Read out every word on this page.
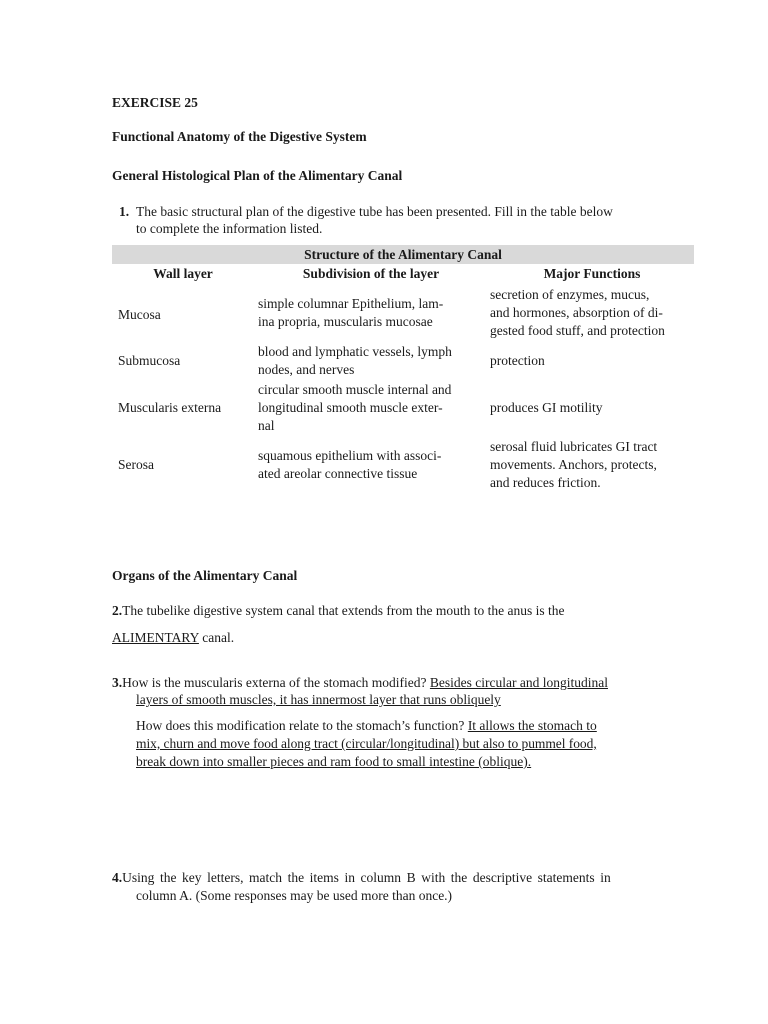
EXERCISE 25
Functional Anatomy of the Digestive System
General Histological Plan of the Alimentary Canal
1. The basic structural plan of the digestive tube has been presented. Fill in the table below
to complete the information listed.
Structure of the Alimentary Canal
Wall layer	Subdivision of the layer	Major Functions
Mucosa
simple columnar Epithelium, lam-
ina propria, muscularis mucosae
secretion of enzymes, mucus,
and hormones, absorption of di-
gested food stuff, and protection
Submucosa
blood and lymphatic vessels, lymph
nodes, and nerves
protection
Muscularis externa
circular smooth muscle internal and
longitudinal smooth muscle exter-
nal
produces GI motility
Serosa
squamous epithelium with associ-
ated areolar connective tissue
serosal fluid lubricates GI tract
movements. Anchors, protects,
and reduces friction.
Organs of the Alimentary Canal
2.The tubelike digestive system canal that extends from the mouth to the anus is the
ALIMENTARY canal.
3.How is the muscularis externa of the stomach modified? Besides circular and longitudinal
layers of smooth muscles, it has innermost layer that runs obliquely
How does this modification relate to the stomach’s function? It allows the stomach to
mix, churn and move food along tract (circular/longitudinal) but also to pummel food,
break down into smaller pieces and ram food to small intestine (oblique).
4.Using the key letters, match the items in column B with the descriptive statements in
column A. (Some responses may be used more than once.)
